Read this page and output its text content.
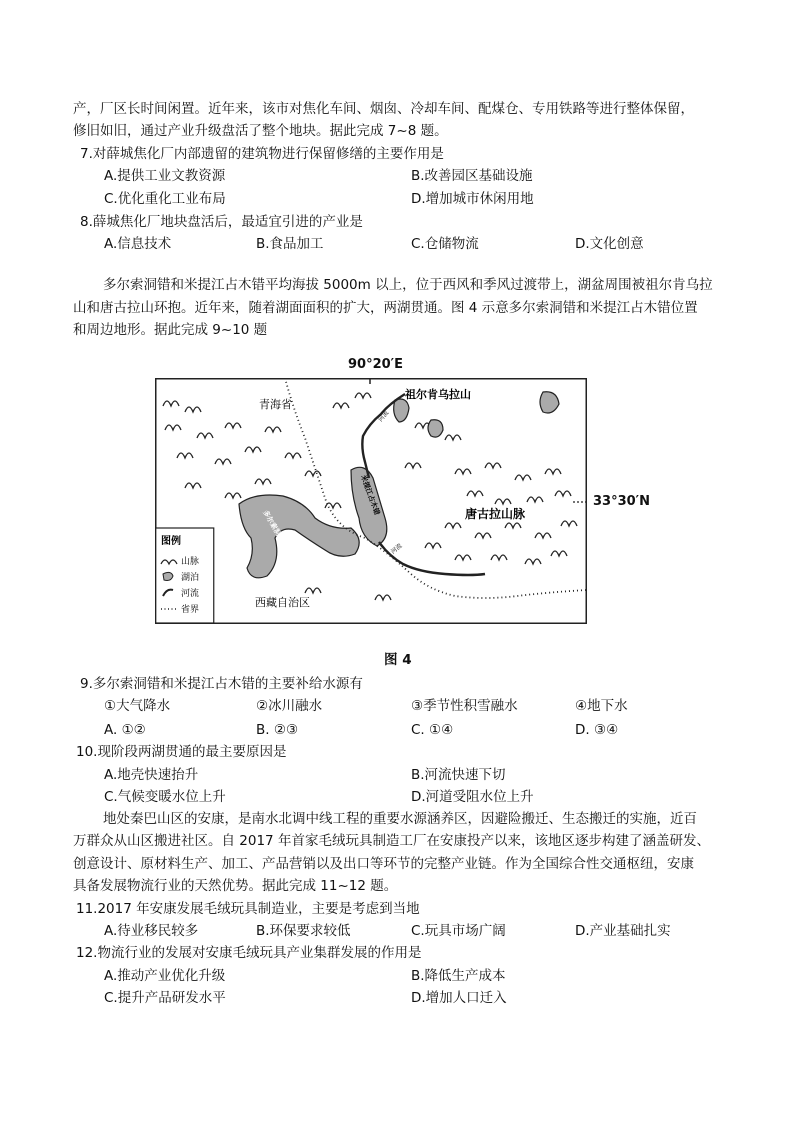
产，厂区长时间闲置。近年来，该市对焦化车间、烟囱、冷却车间、配煤仓、专用铁路等进行整体保留，
修旧如旧，通过产业升级盘活了整个地块。据此完成 7~8 题。
7.对薛城焦化厂内部遗留的建筑物进行保留修缮的主要作用是
A.提供工业文教资源	B.改善园区基础设施
C.优化重化工业布局	D.增加城市休闲用地
8.薛城焦化厂地块盘活后，最适宜引进的产业是
A.信息技术	B.食品加工	C.仓储物流	D.文化创意
多尔索洞错和米提江占木错平均海拔 5000m 以上，位于西风和季风过渡带上，湖盆周围被祖尔肯乌拉
山和唐古拉山环抱。近年来，随着湖面面积的扩大，两湖贯通。图 4 示意多尔索洞错和米提江占木错位置
和周边地形。据此完成 9~10 题
90°20′E
33°30′N
青海省
祖尔肯乌拉山
唐古拉山脉
西藏自治区
多尔索洞错
米提江占木错
河流
河流
图例
山脉
湖泊
河流
省界
图 4
9.多尔索洞错和米提江占木错的主要补给水源有
①大气降水	②冰川融水	③季节性积雪融水	④地下水
A. ①②	B. ②③	C. ①④	D. ③④
10.现阶段两湖贯通的最主要原因是
A.地壳快速抬升	B.河流快速下切
C.气候变暖水位上升	D.河道受阻水位上升
地处秦巴山区的安康，是南水北调中线工程的重要水源涵养区，因避险搬迁、生态搬迁的实施，近百
万群众从山区搬进社区。自 2017 年首家毛绒玩具制造工厂在安康投产以来，该地区逐步构建了涵盖研发、
创意设计、原材料生产、加工、产品营销以及出口等环节的完整产业链。作为全国综合性交通枢纽，安康
具备发展物流行业的天然优势。据此完成 11~12 题。
11.2017 年安康发展毛绒玩具制造业，主要是考虑到当地
A.待业移民较多	B.环保要求较低	C.玩具市场广阔	D.产业基础扎实
12.物流行业的发展对安康毛绒玩具产业集群发展的作用是
A.推动产业优化升级	B.降低生产成本
C.提升产品研发水平	D.增加人口迁入
